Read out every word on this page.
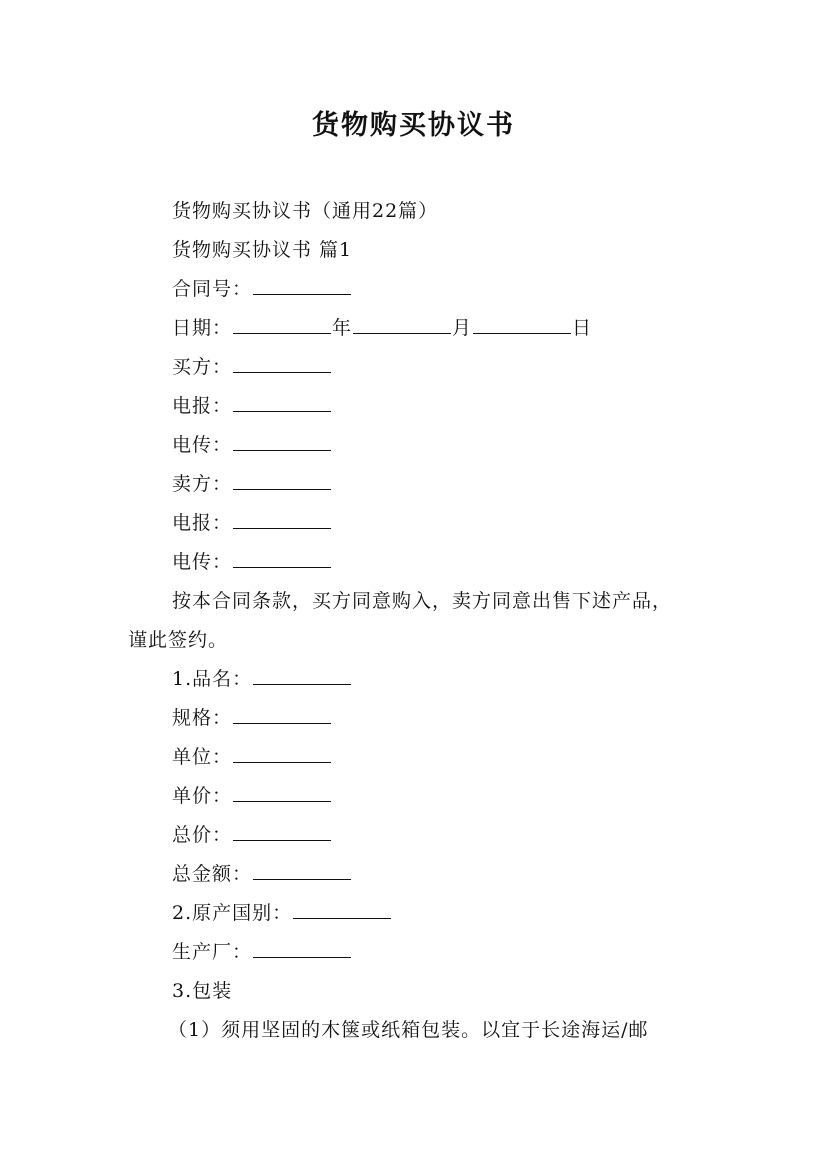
货物购买协议书
货物购买协议书（通用22篇）
货物购买协议书 篇1
合同号：
日期：	年	月	日
买方：
电报：
电传：
卖方：
电报：
电传：
按本合同条款，买方同意购入，卖方同意出售下述产品，
谨此签约。
1.品名：
规格：
单位：
单价：
总价：
总金额：
2.原产国别：
生产厂：
3.包装
（1）须用坚固的木箧或纸箱包装。以宜于长途海运/邮
